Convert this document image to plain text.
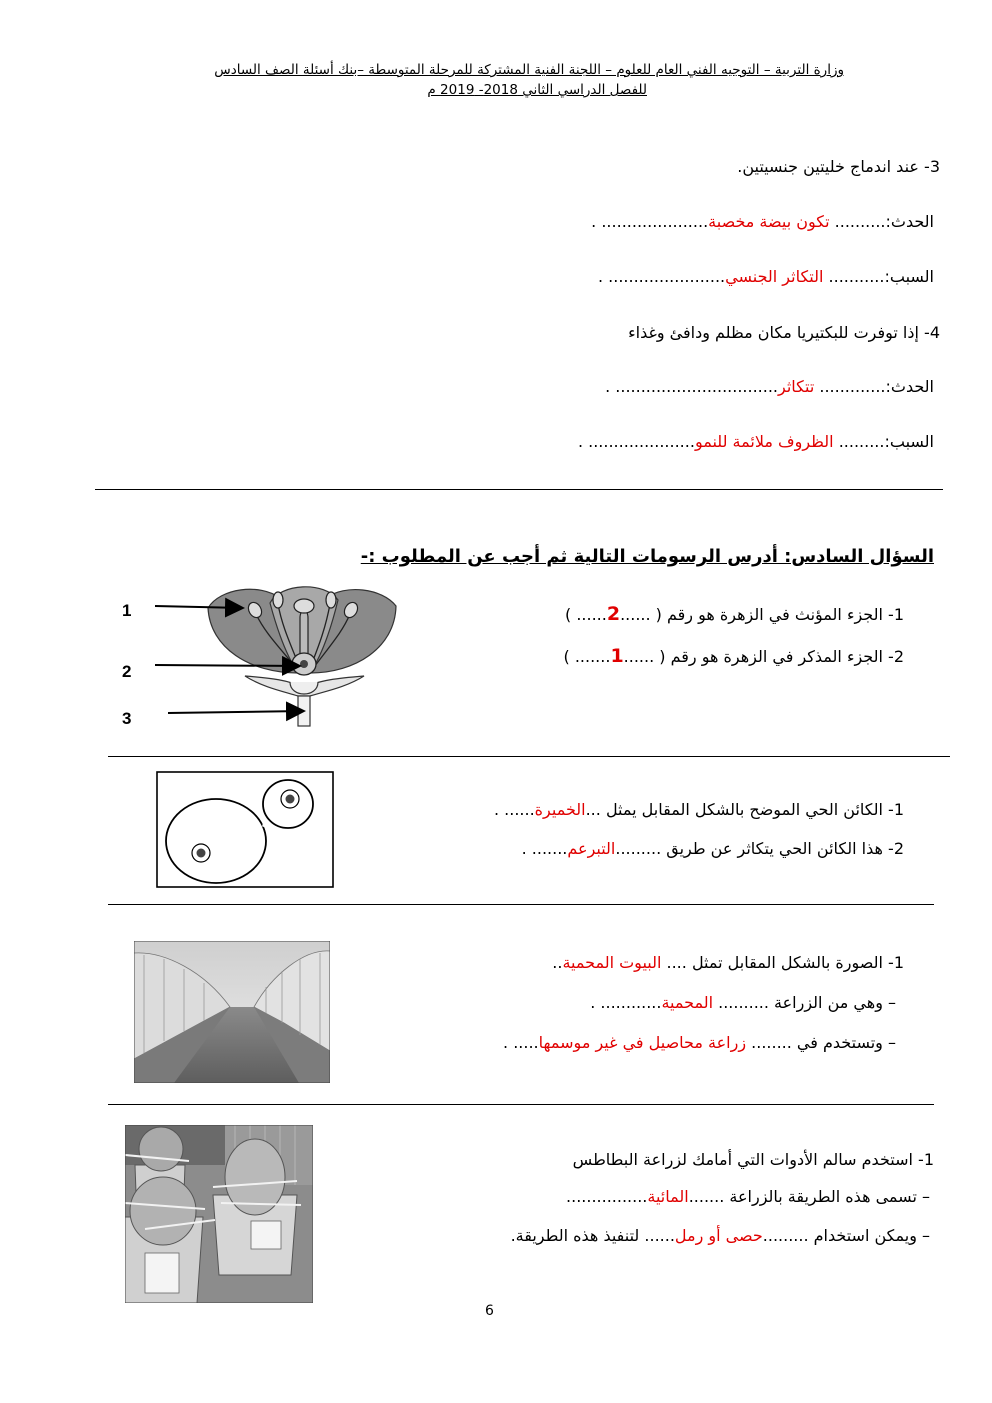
وزارة التربية – التوجيه الفني العام للعلوم – اللجنة الفنية المشتركة للمرحلة المتوسطة –بنك أسئلة الصف السادس
للفصل الدراسي الثاني 2018- 2019 م
3- عند اندماج خليتين جنسيتين.
الحدث:.......... تكون بيضة مخصبة..................... .
السبب:........... التكاثر الجنسي....................... .
4- إذا توفرت للبكتيريا مكان مظلم ودافئ وغذاء
الحدث:............. تتكاثر................................ .
السبب:......... الظروف ملائمة للنمو..................... .
السؤال السادس: أدرس الرسومات التالية ثم أجب عن المطلوب :-
1- الجزء المؤنث في الزهرة هو رقم ( ......2...... )
2- الجزء المذكر في الزهرة هو رقم ( ......1....... )
1
2
3
1- الكائن الحي الموضح بالشكل المقابل يمثل ...الخميرة...... .
2- هذا الكائن الحي يتكاثر عن طريق .........التبرعم....... .
1- الصورة بالشكل المقابل تمثل .... البيوت المحمية..
– وهي من الزراعة .......... المحمية............ .
– وتستخدم في ........ زراعة محاصيل في غير موسمها..... .
1- استخدم سالم الأدوات التي أمامك لزراعة البطاطس
– تسمى هذه الطريقة بالزراعة .......المائية................
– ويمكن استخدام .........حصى أو رمل...... لتنفيذ هذه الطريقة.
6
